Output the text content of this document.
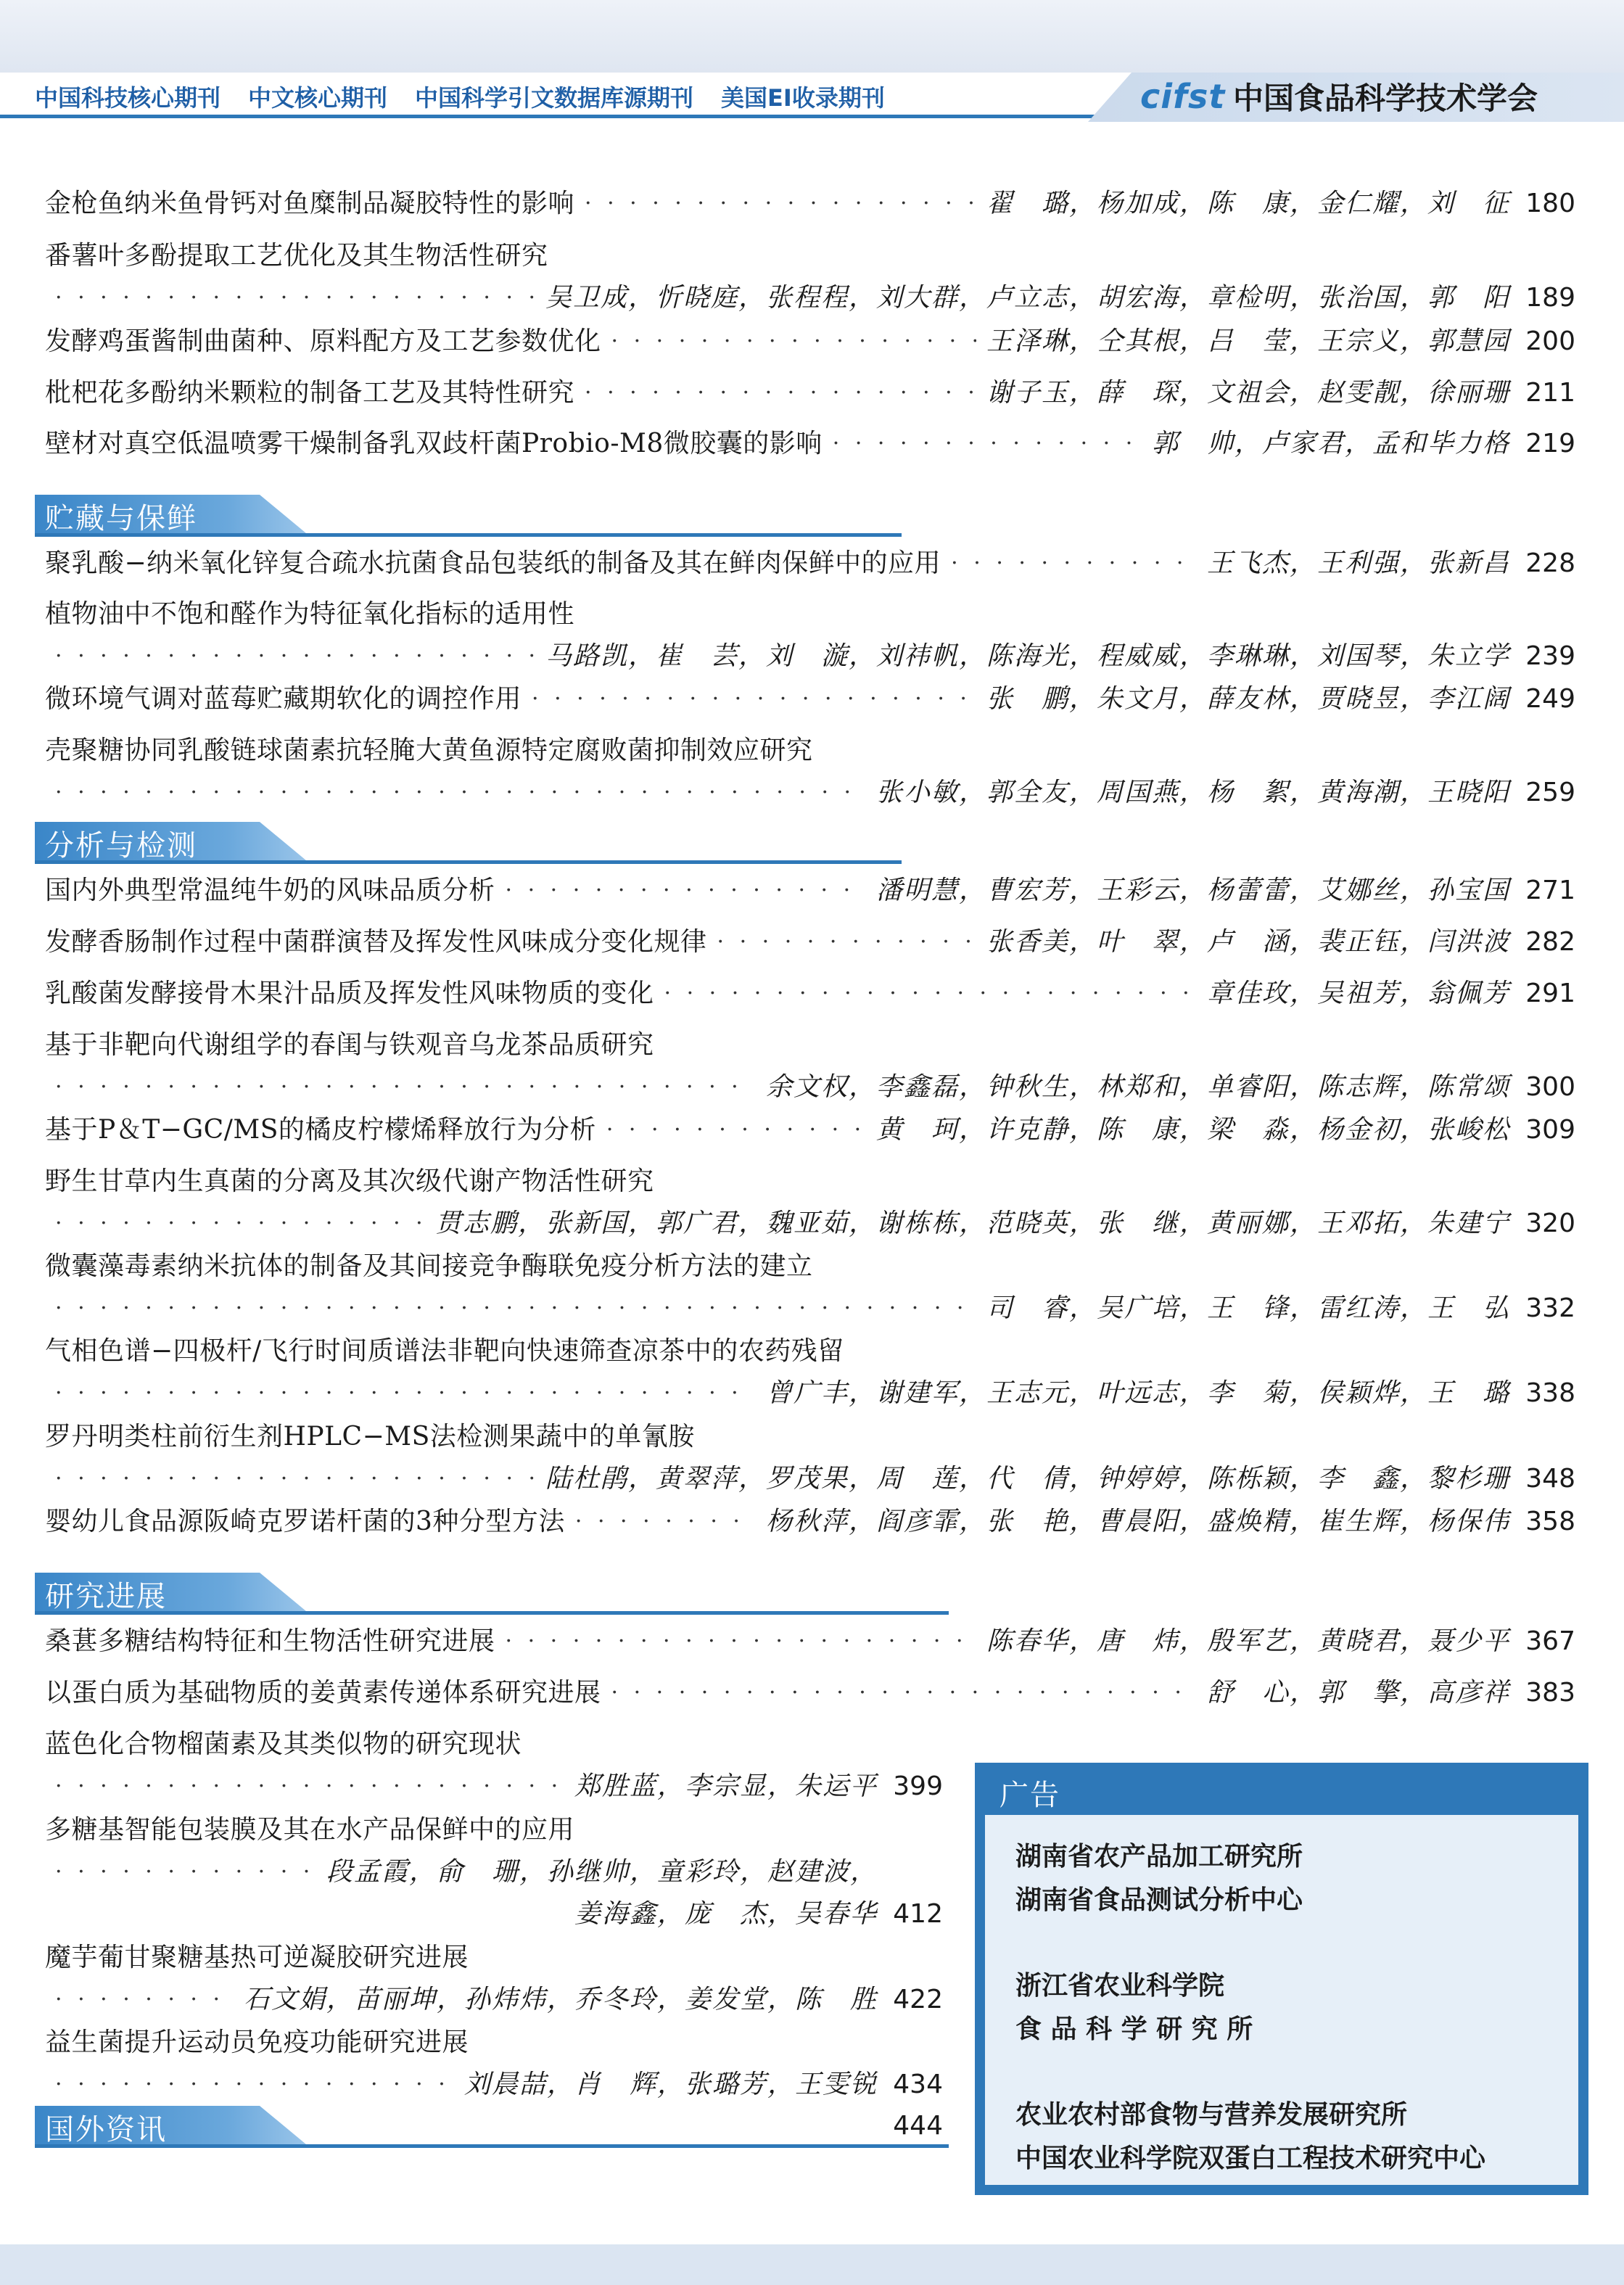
中国科技核心期刊 中文核心期刊 中国科学引文数据库源期刊 美国EI收录期刊	cifst 中国食品科学技术学会
金枪鱼纳米鱼骨钙对鱼糜制品凝胶特性的影响 · · ·	翟　璐，杨加成，陈　康，金仁耀，刘　征 180
番薯叶多酚提取工艺优化及其生物活性研究
· · ·
吴卫成，忻晓庭，张程程，刘大群，卢立志，胡宏海，章检明，张治国，郭　阳 189
发酵鸡蛋酱制曲菌种、原料配方及工艺参数优化 · · ·	王泽琳，仝其根，吕　莹，王宗义，郭慧园 200
枇杷花多酚纳米颗粒的制备工艺及其特性研究 · · ·	谢子玉，薛　琛，文祖会，赵雯靓，徐丽珊 211
壁材对真空低温喷雾干燥制备乳双歧杆菌Probio-M8微胶囊的影响 · · ·	郭　帅，卢家君，孟和毕力格 219
贮藏与保鲜
聚乳酸−纳米氧化锌复合疏水抗菌食品包装纸的制备及其在鲜肉保鲜中的应用 · · ·	王飞杰，王利强，张新昌 228
植物油中不饱和醛作为特征氧化指标的适用性
· · ·
马路凯，崔　芸，刘　漩，刘祎帆，陈海光，程威威，李琳琳，刘国琴，朱立学 239
微环境气调对蓝莓贮藏期软化的调控作用 · · ·	张　鹏，朱文月，薛友林，贾晓昱，李江阔 249
壳聚糖协同乳酸链球菌素抗轻腌大黄鱼源特定腐败菌抑制效应研究
· · ·
张小敏，郭全友，周国燕，杨　絮，黄海潮，王晓阳 259
分析与检测
国内外典型常温纯牛奶的风味品质分析 · · ·	潘明慧，曹宏芳，王彩云，杨蕾蕾，艾娜丝，孙宝国 271
发酵香肠制作过程中菌群演替及挥发性风味成分变化规律 · · ·	张香美，叶　翠，卢　涵，裴正钰，闫洪波 282
乳酸菌发酵接骨木果汁品质及挥发性风味物质的变化 · · ·	章佳玫，吴祖芳，翁佩芳 291
基于非靶向代谢组学的春闺与铁观音乌龙茶品质研究
· · ·
余文权，李鑫磊，钟秋生，林郑和，单睿阳，陈志辉，陈常颂 300
基于P＆T−GC/MS的橘皮柠檬烯释放行为分析 · · ·	黄　珂，许克静，陈　康，梁　淼，杨金初，张峻松 309
野生甘草内生真菌的分离及其次级代谢产物活性研究
· · ·
贯志鹏，张新国，郭广君，魏亚茹，谢栋栋，范晓英，张　继，黄丽娜，王邓拓，朱建宁 320
微囊藻毒素纳米抗体的制备及其间接竞争酶联免疫分析方法的建立
· · ·
司　睿，吴广培，王　锋，雷红涛，王　弘 332
气相色谱−四极杆/飞行时间质谱法非靶向快速筛查凉茶中的农药残留
· · ·
曾广丰，谢建军，王志元，叶远志，李　菊，侯颖烨，王　璐 338
罗丹明类柱前衍生剂HPLC−MS法检测果蔬中的单氰胺
· · ·
陆杜鹃，黄翠萍，罗茂果，周　莲，代　倩，钟婷婷，陈栎颖，李　鑫，黎杉珊 348
婴幼儿食品源阪崎克罗诺杆菌的3种分型方法 · · ·	杨秋萍，阎彦霏，张　艳，曹晨阳，盛焕精，崔生辉，杨保伟 358
研究进展
桑葚多糖结构特征和生物活性研究进展 · · ·	陈春华，唐　炜，殷军艺，黄晓君，聂少平 367
以蛋白质为基础物质的姜黄素传递体系研究进展 · · ·	舒　心，郭　擎，高彦祥 383
蓝色化合物榴菌素及其类似物的研究现状
· · ·
郑胜蓝，李宗显，朱运平 399
多糖基智能包装膜及其在水产品保鲜中的应用
· · ·
段孟霞，俞　珊，孙继帅，童彩玲，赵建波，
姜海鑫，庞　杰，吴春华 412
魔芋葡甘聚糖基热可逆凝胶研究进展
· · ·
石文娟，苗丽坤，孙炜炜，乔冬玲，姜发堂，陈　胜 422
益生菌提升运动员免疫功能研究进展
· · ·
刘晨喆，肖　辉，张璐芳，王雯锐 434
国外资讯	444
广告
湖南省农产品加工研究所
湖南省食品测试分析中心
浙江省农业科学院
食 品 科 学 研 究 所
农业农村部食物与营养发展研究所
中国农业科学院双蛋白工程技术研究中心
